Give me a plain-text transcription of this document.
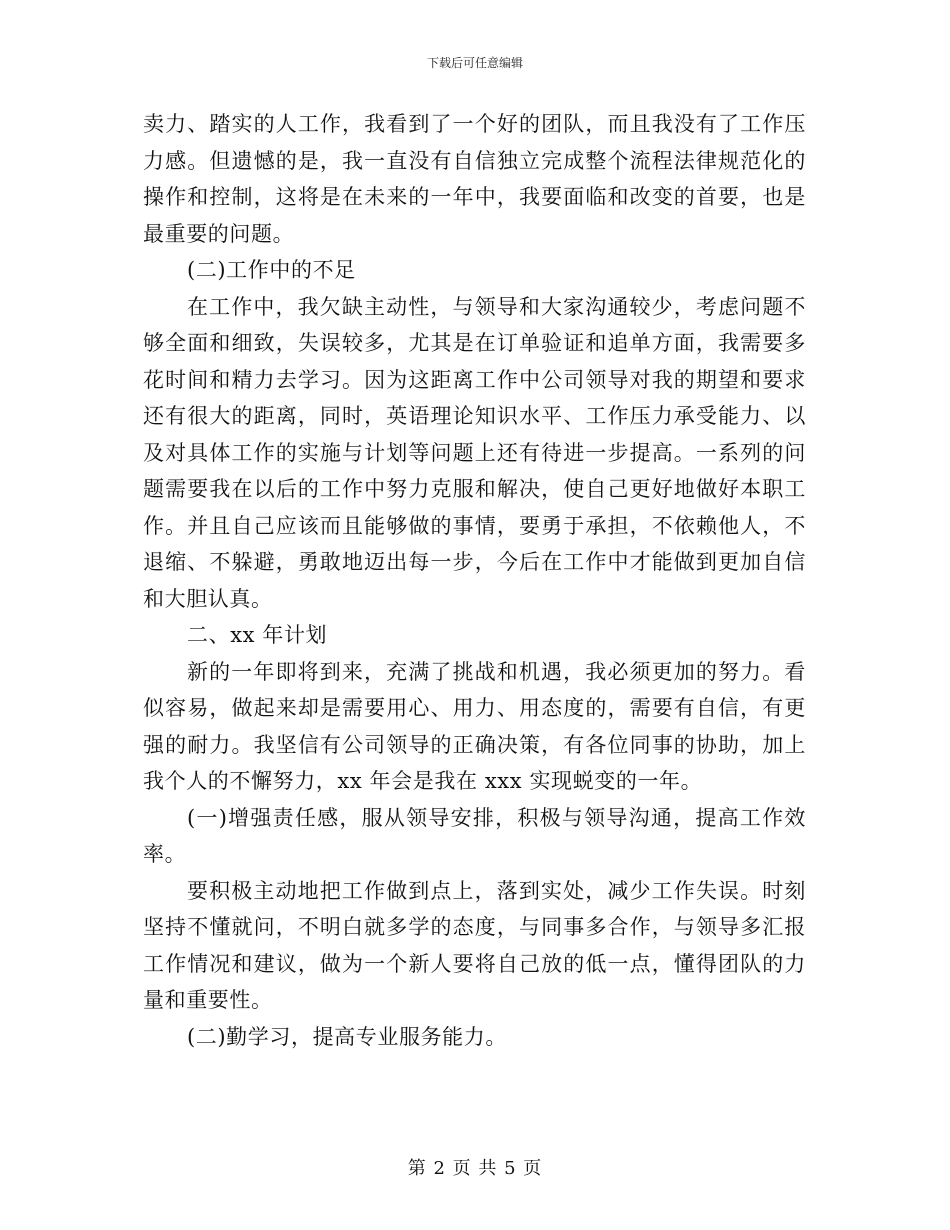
下载后可任意编辑

卖力、踏实的人工作，我看到了一个好的团队，而且我没有了工作压力感。但遗憾的是，我一直没有自信独立完成整个流程法律规范化的操作和控制，这将是在未来的一年中，我要面临和改变的首要，也是最重要的问题。

(二)工作中的不足

在工作中，我欠缺主动性，与领导和大家沟通较少，考虑问题不够全面和细致，失误较多，尤其是在订单验证和追单方面，我需要多花时间和精力去学习。因为这距离工作中公司领导对我的期望和要求还有很大的距离，同时，英语理论知识水平、工作压力承受能力、以及对具体工作的实施与计划等问题上还有待进一步提高。一系列的问题需要我在以后的工作中努力克服和解决，使自己更好地做好本职工作。并且自己应该而且能够做的事情，要勇于承担，不依赖他人，不退缩、不躲避，勇敢地迈出每一步，今后在工作中才能做到更加自信和大胆认真。

二、xx 年计划

新的一年即将到来，充满了挑战和机遇，我必须更加的努力。看似容易，做起来却是需要用心、用力、用态度的，需要有自信，有更强的耐力。我坚信有公司领导的正确决策，有各位同事的协助，加上我个人的不懈努力，xx 年会是我在 xxx 实现蜕变的一年。

(一)增强责任感，服从领导安排，积极与领导沟通，提高工作效率。

要积极主动地把工作做到点上，落到实处，减少工作失误。时刻坚持不懂就问，不明白就多学的态度，与同事多合作，与领导多汇报工作情况和建议，做为一个新人要将自己放的低一点，懂得团队的力量和重要性。

(二)勤学习，提高专业服务能力。

第 2 页 共 5 页
